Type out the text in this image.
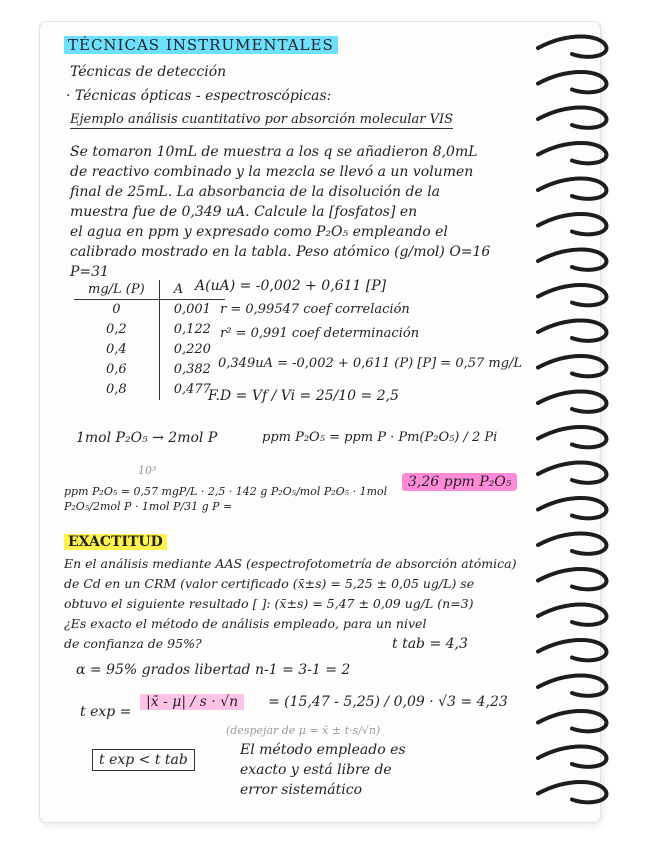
TÉCNICAS INSTRUMENTALES
Técnicas de detección
· Técnicas ópticas - espectroscópicas:
Ejemplo análisis cuantitativo por absorción molecular VIS
Se tomaron 10mL de muestra a los q se añadieron 8,0mL
de reactivo combinado y la mezcla se llevó a un volumen
final de 25mL. La absorbancia de la disolución de la
muestra fue de 0,349 uA. Calcule la [fosfatos] en
el agua en ppm y expresado como P₂O₅ empleando el
calibrado mostrado en la tabla. Peso atómico (g/mol) O=16
P=31
mg/L (P)	A
0	0,001
0,2	0,122
0,4	0,220
0,6	0,382
0,8	0,477
A(uA) = -0,002 + 0,611 [P]
r = 0,99547 coef correlación
r² = 0,991 coef determinación
0,349uA = -0,002 + 0,611 (P) [P] = 0,57 mg/L
F.D = Vf / Vi = 25/10 = 2,5
1mol P₂O₅ → 2mol P	ppm P₂O₅ = ppm P · Pm(P₂O₅) / 2 Pi
10³
ppm P₂O₅ = 0,57 mgP/L · 2,5 · 142 g P₂O₅/mol P₂O₅ · 1mol P₂O₅/2mol P · 1mol P/31 g P =
3,26 ppm P₂O₅
EXACTITUD
En el análisis mediante AAS (espectrofotometría de absorción atómica)
de Cd en un CRM (valor certificado (x̄±s) = 5,25 ± 0,05 ug/L) se
obtuvo el siguiente resultado [ ]: (x̄±s) = 5,47 ± 0,09 ug/L (n=3)
¿Es exacto el método de análisis empleado, para un nivel
de confianza de 95%?
α = 95% grados libertad n-1 = 3-1 = 2
t tab = 4,3
t exp =
|x̄ - μ| / s · √n	= (15,47 - 5,25) / 0,09 · √3 = 4,23
(despejar de μ = x̄ ± t·s/√n)
t exp < t tab
El método empleado es
exacto y está libre de
error sistemático
